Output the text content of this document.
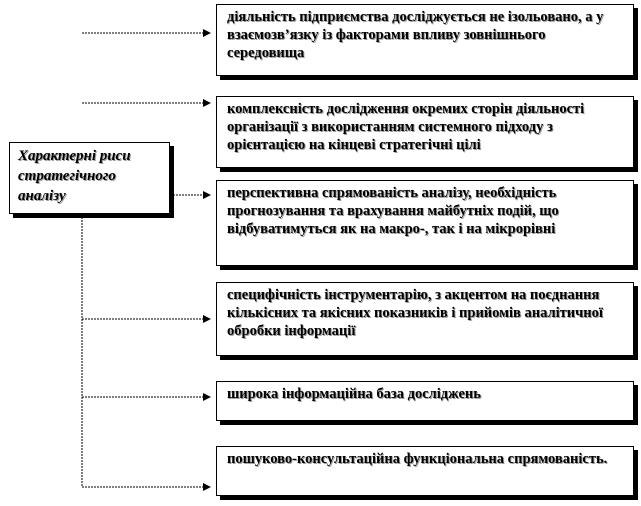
Характерні риси стратегічного аналізу
діяльність підприємства досліджується не ізольовано, а у взаємозв’язку із факторами впливу зовнішнього середовища
комплексність дослідження окремих сторін діяльності організації з використанням системного підходу з орієнтацією на кінцеві стратегічні цілі
перспективна спрямованість аналізу, необхідність прогнозування та врахування майбутніх подій, що відбуватимуться як на макро-, так і на мікрорівні
специфічність інструментарію, з акцентом на поєднання кількісних та якісних показників і прийомів аналітичної обробки інформації
широка інформаційна база досліджень
пошуково-консультаційна функціональна спрямованість.
